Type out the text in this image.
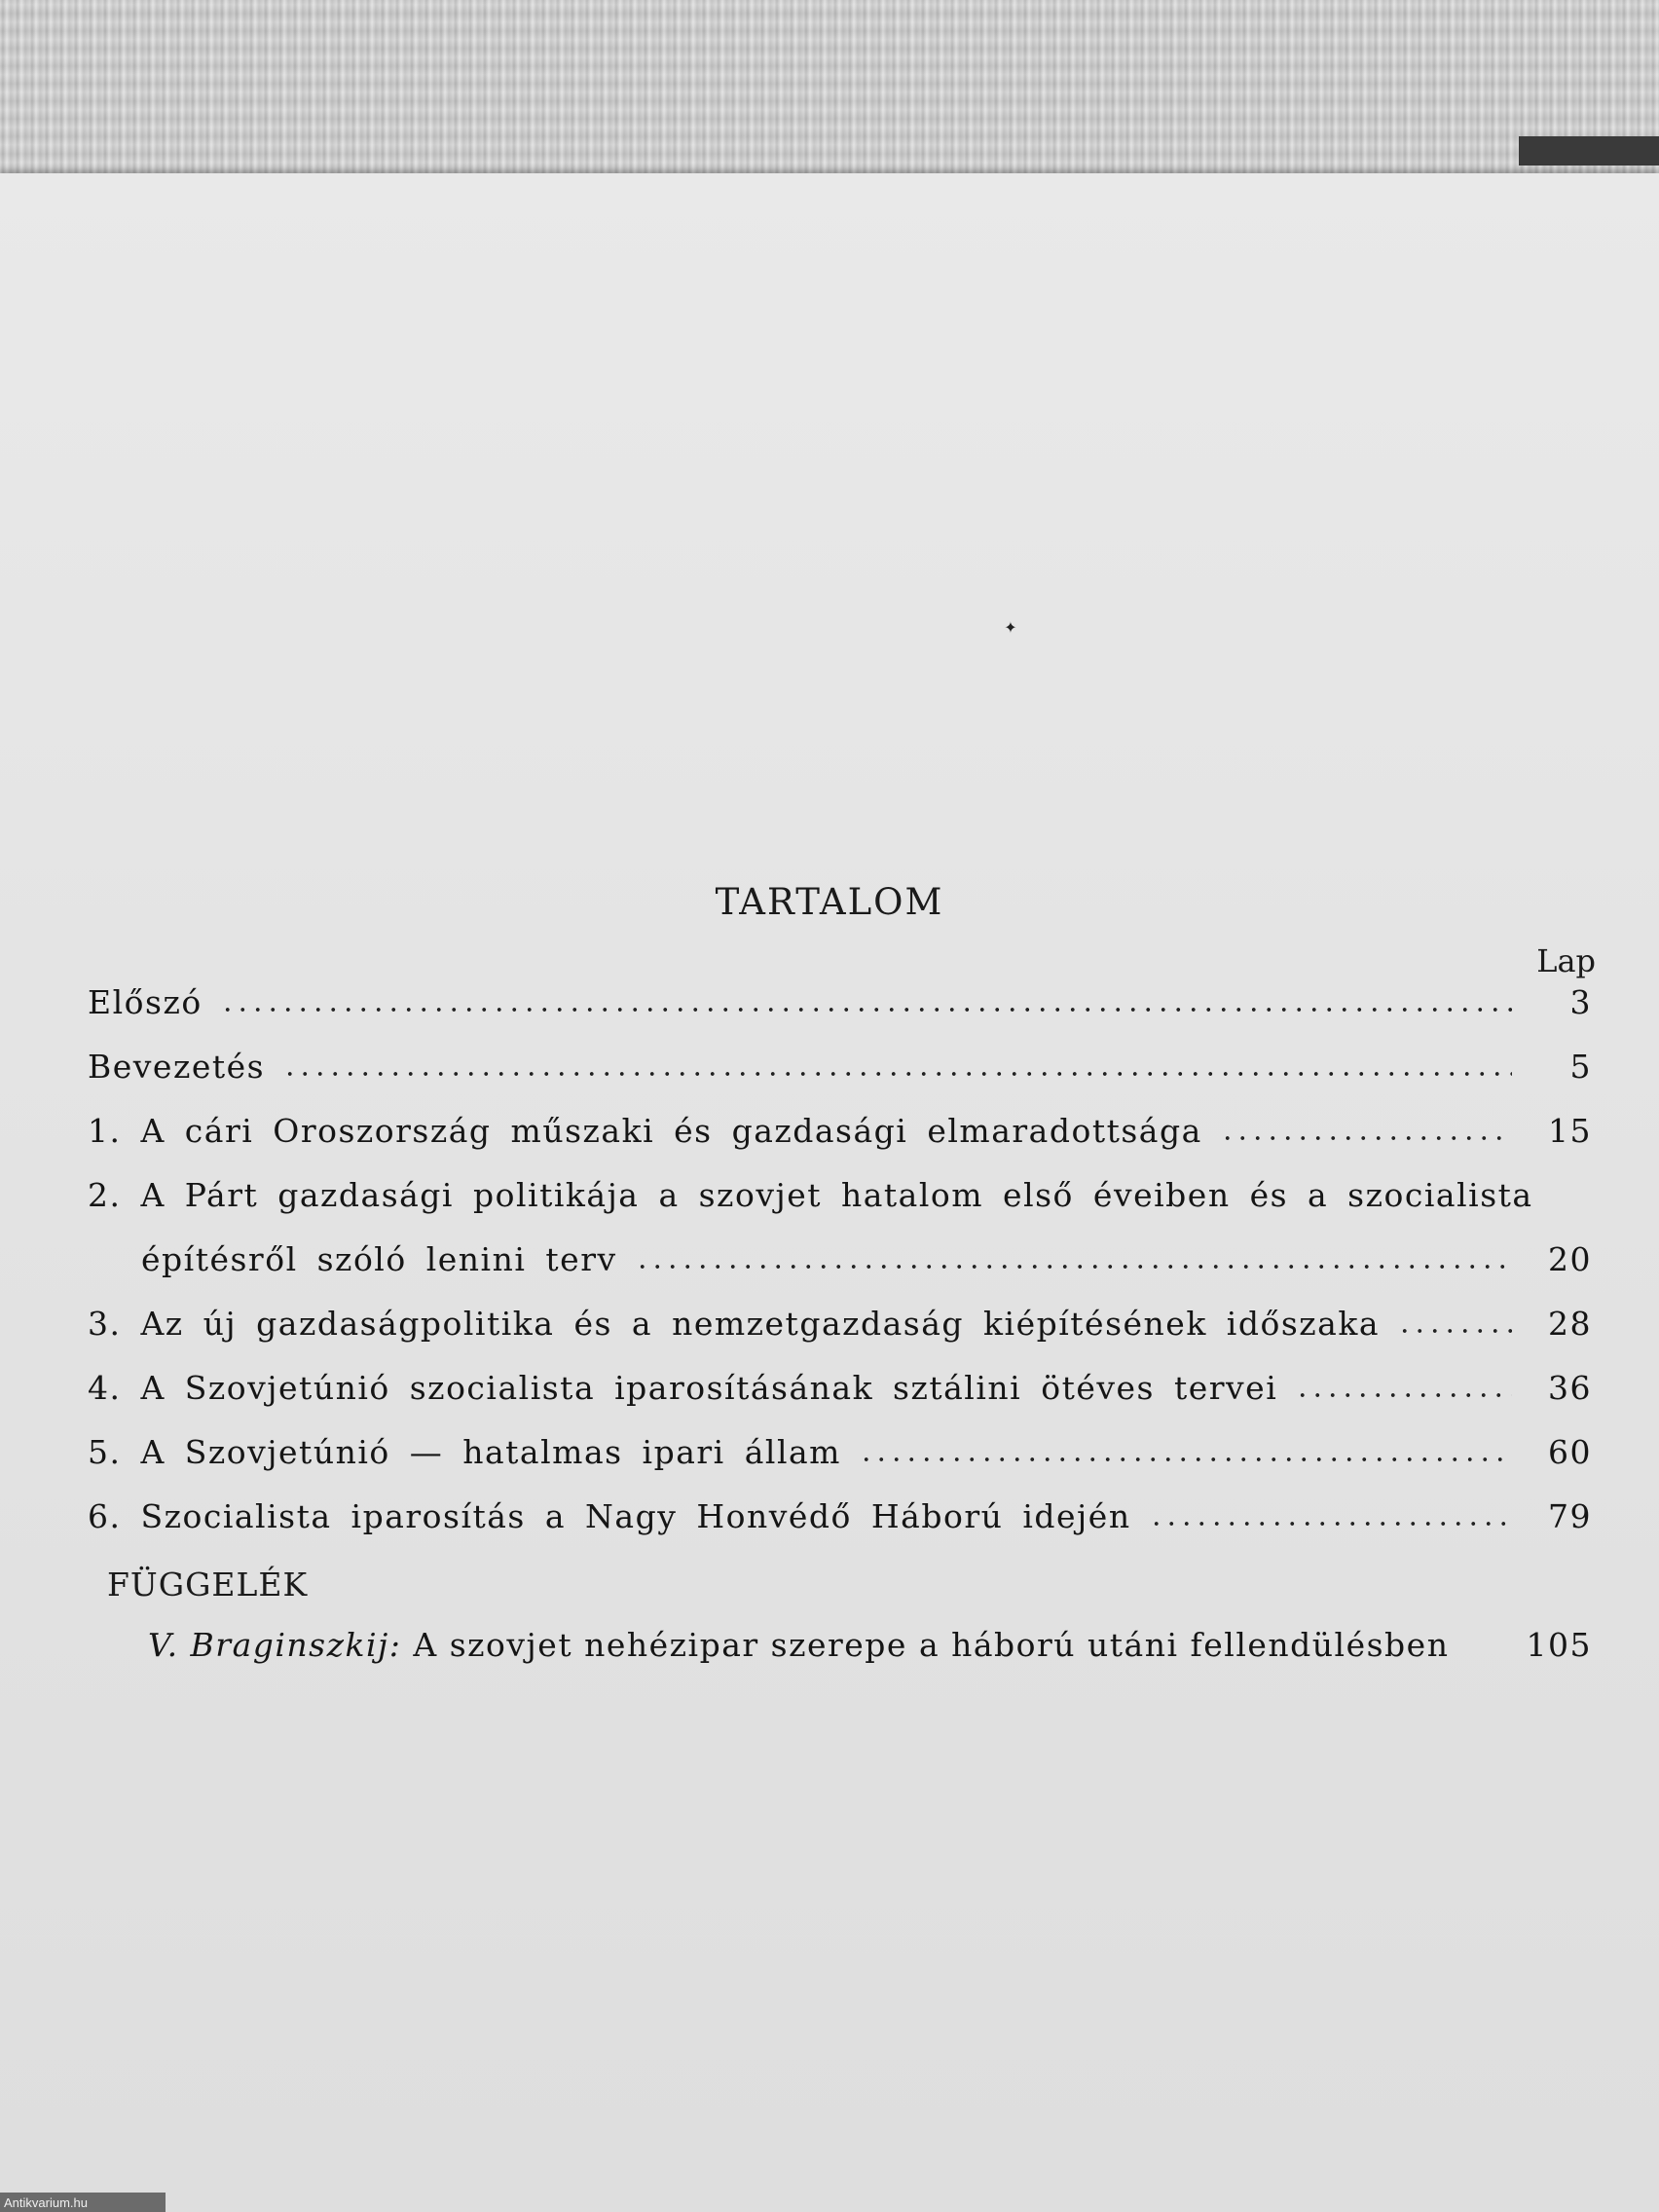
✦
TARTALOM
Lap
Előszó	3
Bevezetés	5
1. A cári Oroszország műszaki és gazdasági elmaradottsága	15
2. A Párt gazdasági politikája a szovjet hatalom első éveiben és a szocialista
építésről szóló lenini terv	20
3. Az új gazdaságpolitika és a nemzetgazdaság kiépítésének időszaka	28
4. A Szovjetúnió szocialista iparosításának sztálini ötéves tervei	36
5. A Szovjetúnió — hatalmas ipari állam	60
6. Szocialista iparosítás a Nagy Honvédő Háború idején	79
FÜGGELÉK
V. Braginszkij: A szovjet nehézipar szerepe a háború utáni fellendülésben 105
Antikvarium.hu
